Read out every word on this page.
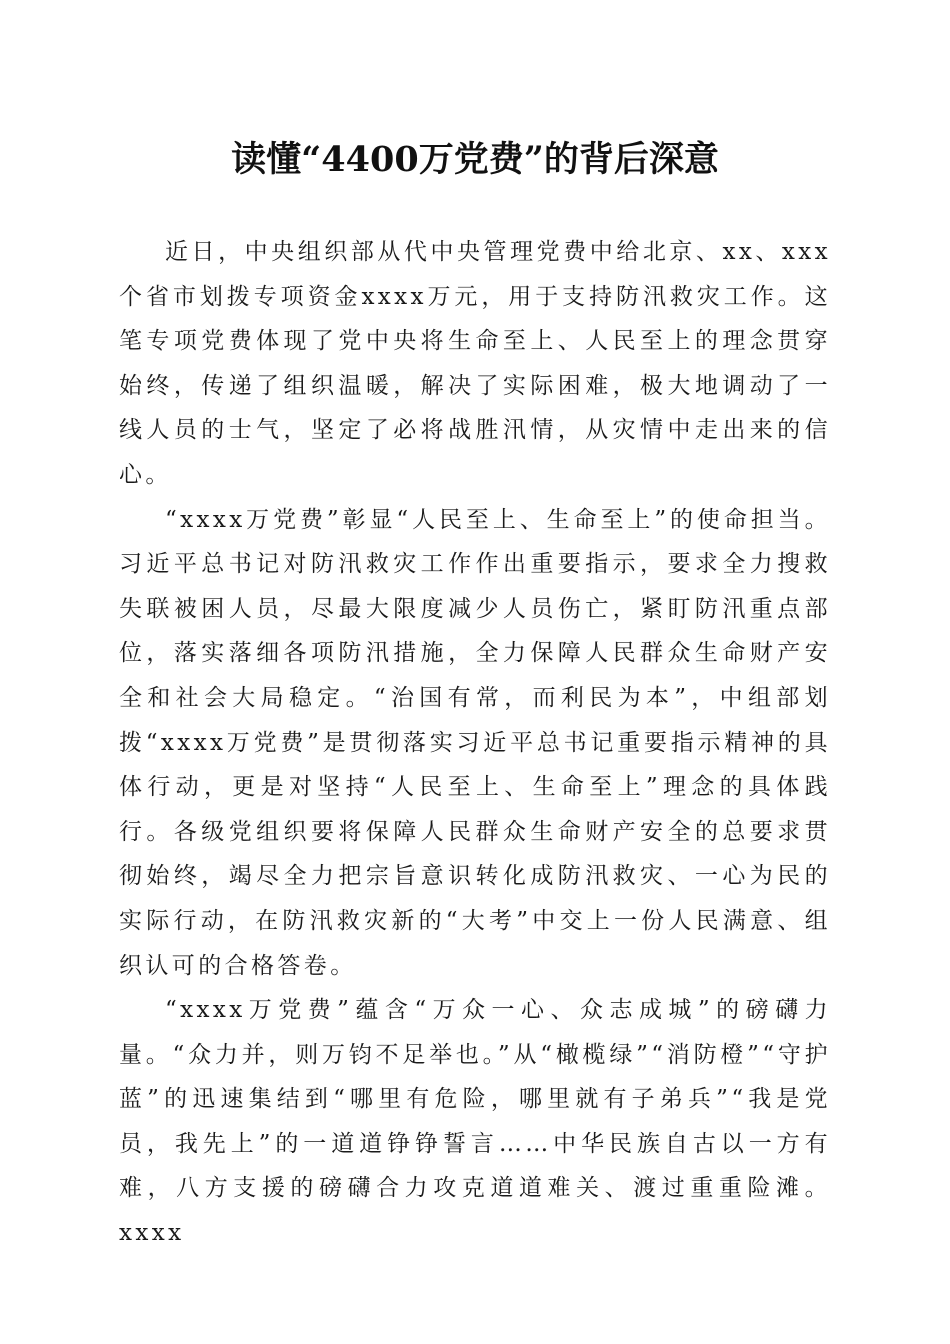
读懂“4400万党费”的背后深意

近日，中央组织部从代中央管理党费中给北京、xx、xxx个省市划拨专项资金xxxx万元，用于支持防汛救灾工作。这笔专项党费体现了党中央将生命至上、人民至上的理念贯穿始终，传递了组织温暖，解决了实际困难，极大地调动了一线人员的士气，坚定了必将战胜汛情，从灾情中走出来的信心。

“xxxx万党费”彰显“人民至上、生命至上”的使命担当。习近平总书记对防汛救灾工作作出重要指示，要求全力搜救失联被困人员，尽最大限度减少人员伤亡，紧盯防汛重点部位，落实落细各项防汛措施，全力保障人民群众生命财产安全和社会大局稳定。“治国有常，而利民为本”，中组部划拨“xxxx万党费”是贯彻落实习近平总书记重要指示精神的具体行动，更是对坚持“人民至上、生命至上”理念的具体践行。各级党组织要将保障人民群众生命财产安全的总要求贯彻始终，竭尽全力把宗旨意识转化成防汛救灾、一心为民的实际行动，在防汛救灾新的“大考”中交上一份人民满意、组织认可的合格答卷。

“xxxx万党费”蕴含“万众一心、众志成城”的磅礴力量。“众力并，则万钧不足举也。”从“橄榄绿”“消防橙”“守护蓝”的迅速集结到“哪里有危险，哪里就有子弟兵”“我是党员，我先上”的一道道铮铮誓言……中华民族自古以一方有难，八方支援的磅礴合力攻克道道难关、渡过重重险滩。xxxx
